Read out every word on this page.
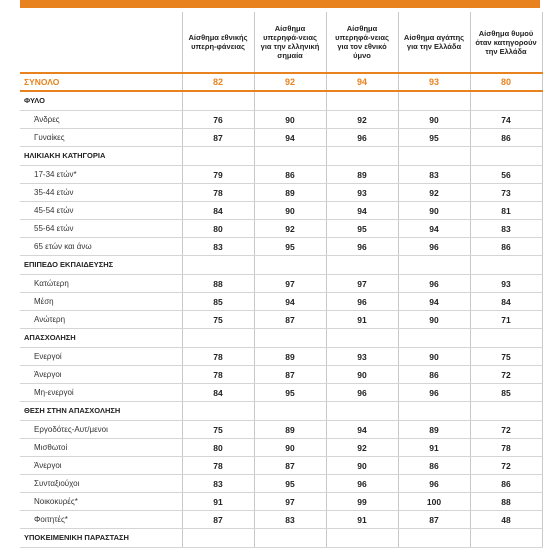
	Αίσθημα εθνικής υπερη-φάνειας	Αίσθημα υπερηφά-νειας για την ελληνική σημαία	Αίσθημα υπερηφά-νειας για τον εθνικό ύμνο	Αίσθημα αγάπης για την Ελλάδα	Αίσθημα θυμού όταν κατηγορούν την Ελλάδα
ΣΥΝΟΛΟ	82	92	94	93	80
ΦΥΛΟ					
Άνδρες	76	90	92	90	74
Γυναίκες	87	94	96	95	86
ΗΛΙΚΙΑΚΗ ΚΑΤΗΓΟΡΙΑ					
17-34 ετών*	79	86	89	83	56
35-44 ετών	78	89	93	92	73
45-54 ετών	84	90	94	90	81
55-64 ετών	80	92	95	94	83
65 ετών και άνω	83	95	96	96	86
ΕΠΙΠΕΔΟ ΕΚΠΑΙΔΕΥΣΗΣ					
Κατώτερη	88	97	97	96	93
Μέση	85	94	96	94	84
Ανώτερη	75	87	91	90	71
ΑΠΑΣΧΟΛΗΣΗ					
Ενεργοί	78	89	93	90	75
Άνεργοι	78	87	90	86	72
Μη-ενεργοί	84	95	96	96	85
ΘΕΣΗ ΣΤΗΝ ΑΠΑΣΧΟΛΗΣΗ					
Εργοδότες-Αυτ/μενοι	75	89	94	89	72
Μισθωτοί	80	90	92	91	78
Άνεργοι	78	87	90	86	72
Συνταξιούχοι	83	95	96	96	86
Νοικοκυρές*	91	97	99	100	88
Φοιτητές*	87	83	91	87	48
ΥΠΟΚΕΙΜΕΝΙΚΗ ΠΑΡΑΣΤΑΣΗ					
